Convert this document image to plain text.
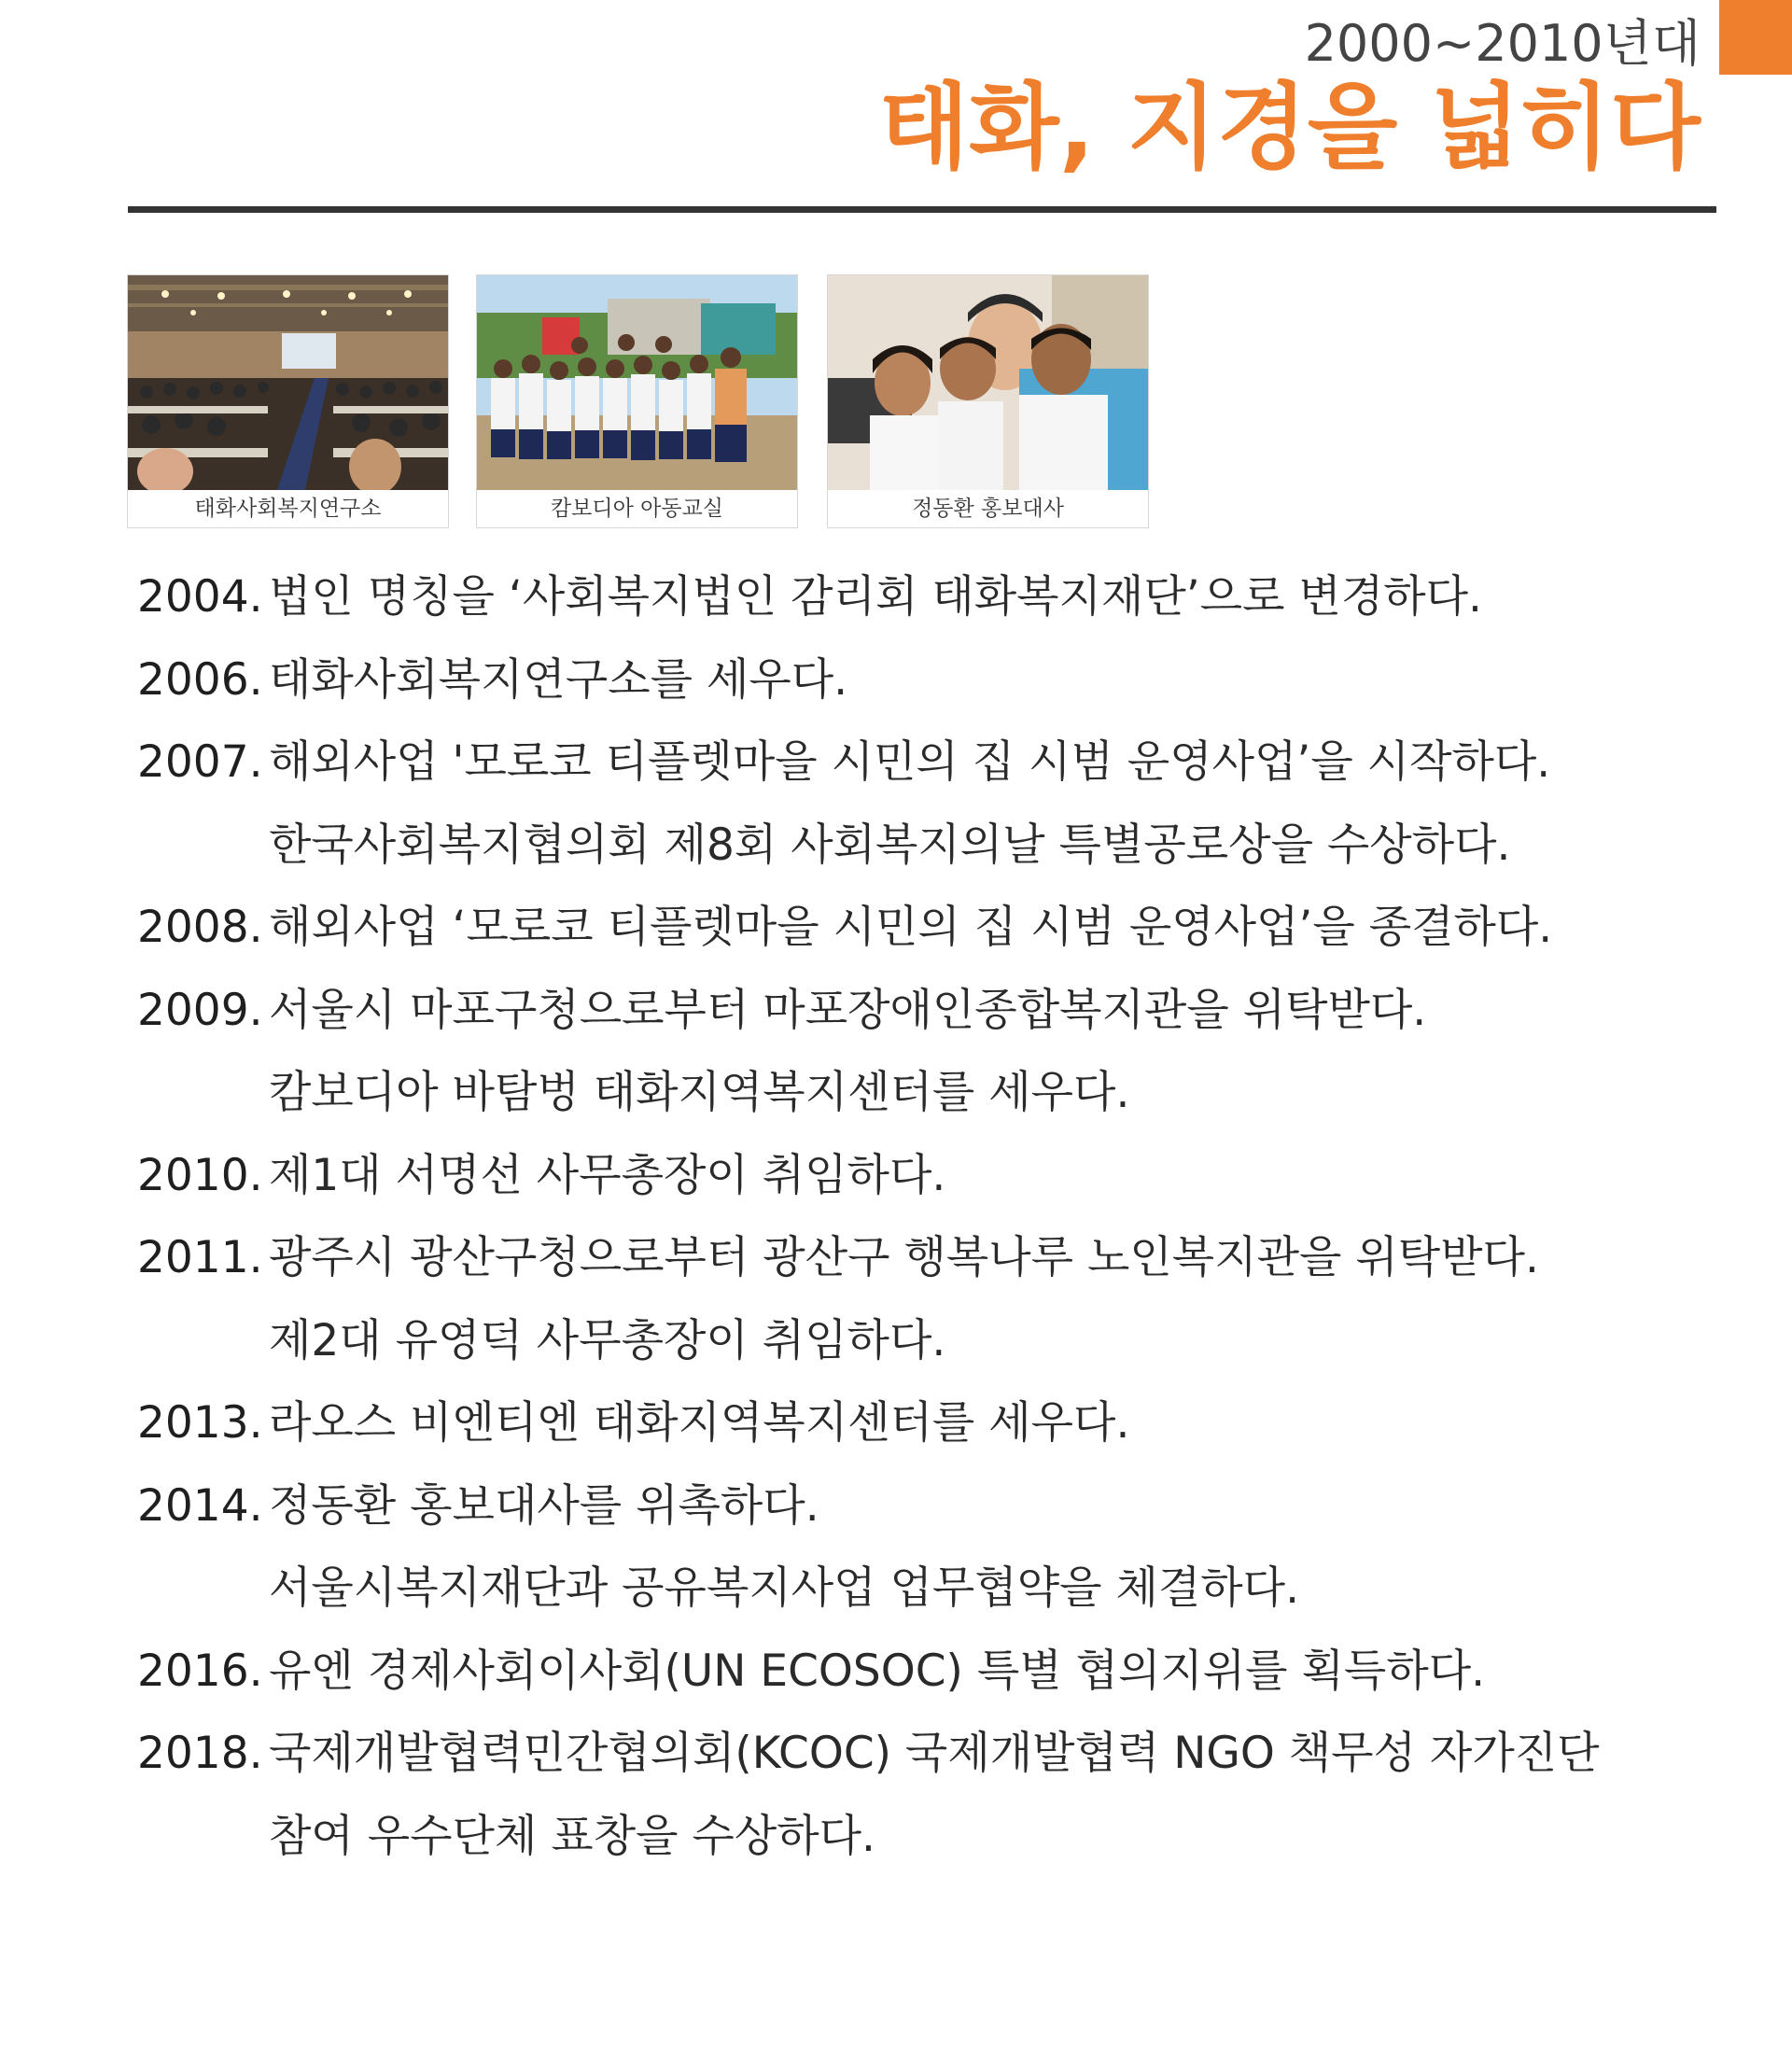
2000~2010년대
태화, 지경을 넓히다
태화사회복지연구소	캄보디아 아동교실	정동환 홍보대사
2004. 법인 명칭을 ‘사회복지법인 감리회 태화복지재단’으로 변경하다.
2006. 태화사회복지연구소를 세우다.
2007. 해외사업 '모로코 티플렛마을 시민의 집 시범 운영사업’을 시작하다.
한국사회복지협의회 제8회 사회복지의날 특별공로상을 수상하다.
2008. 해외사업 ‘모로코 티플렛마을 시민의 집 시범 운영사업’을 종결하다.
2009. 서울시 마포구청으로부터 마포장애인종합복지관을 위탁받다.
캄보디아 바탐벙 태화지역복지센터를 세우다.
2010. 제1대 서명선 사무총장이 취임하다.
2011. 광주시 광산구청으로부터 광산구 행복나루 노인복지관을 위탁받다.
제2대 유영덕 사무총장이 취임하다.
2013. 라오스 비엔티엔 태화지역복지센터를 세우다.
2014. 정동환 홍보대사를 위촉하다.
서울시복지재단과 공유복지사업 업무협약을 체결하다.
2016. 유엔 경제사회이사회(UN ECOSOC) 특별 협의지위를 획득하다.
2018. 국제개발협력민간협의회(KCOC) 국제개발협력 NGO 책무성 자가진단
참여 우수단체 표창을 수상하다.
